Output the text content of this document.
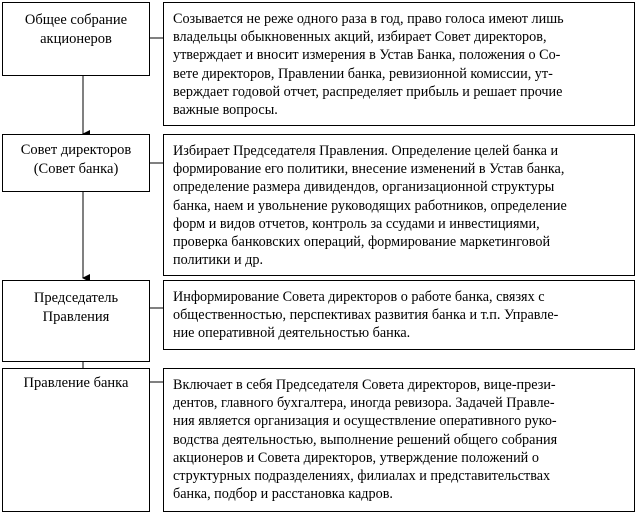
Общее собрание
акционеров
Созывается не реже одного раза в год, право голоса имеют лишь
владельцы обыкновенных акций, избирает Совет директоров,
утверждает и вносит измерения в Устав Банка, положения о Со-
вете директоров, Правлении банка, ревизионной комиссии, ут-
верждает годовой отчет, распределяет прибыль и решает прочие
важные вопросы.
Совет директоров
(Совет банка)
Избирает Председателя Правления. Определение целей банка и
формирование его политики, внесение изменений в Устав банка,
определение размера дивидендов, организационной структуры
банка, наем и увольнение руководящих работников, определение
форм и видов отчетов, контроль за ссудами и инвестициями,
проверка банковских операций, формирование маркетинговой
политики и др.
Председатель
Правления
Информирование Совета директоров о работе банка, связях с
общественностью, перспективах развития банка и т.п. Управле-
ние оперативной деятельностью банка.
Правление банка	Включает в себя Председателя Совета директоров, вице-прези-
дентов, главного бухгалтера, иногда ревизора. Задачей Правле-
ния является организация и осуществление оперативного руко-
водства деятельностью, выполнение решений общего собрания
акционеров и Совета директоров, утверждение положений о
структурных подразделениях, филиалах и представительствах
банка, подбор и расстановка кадров.
